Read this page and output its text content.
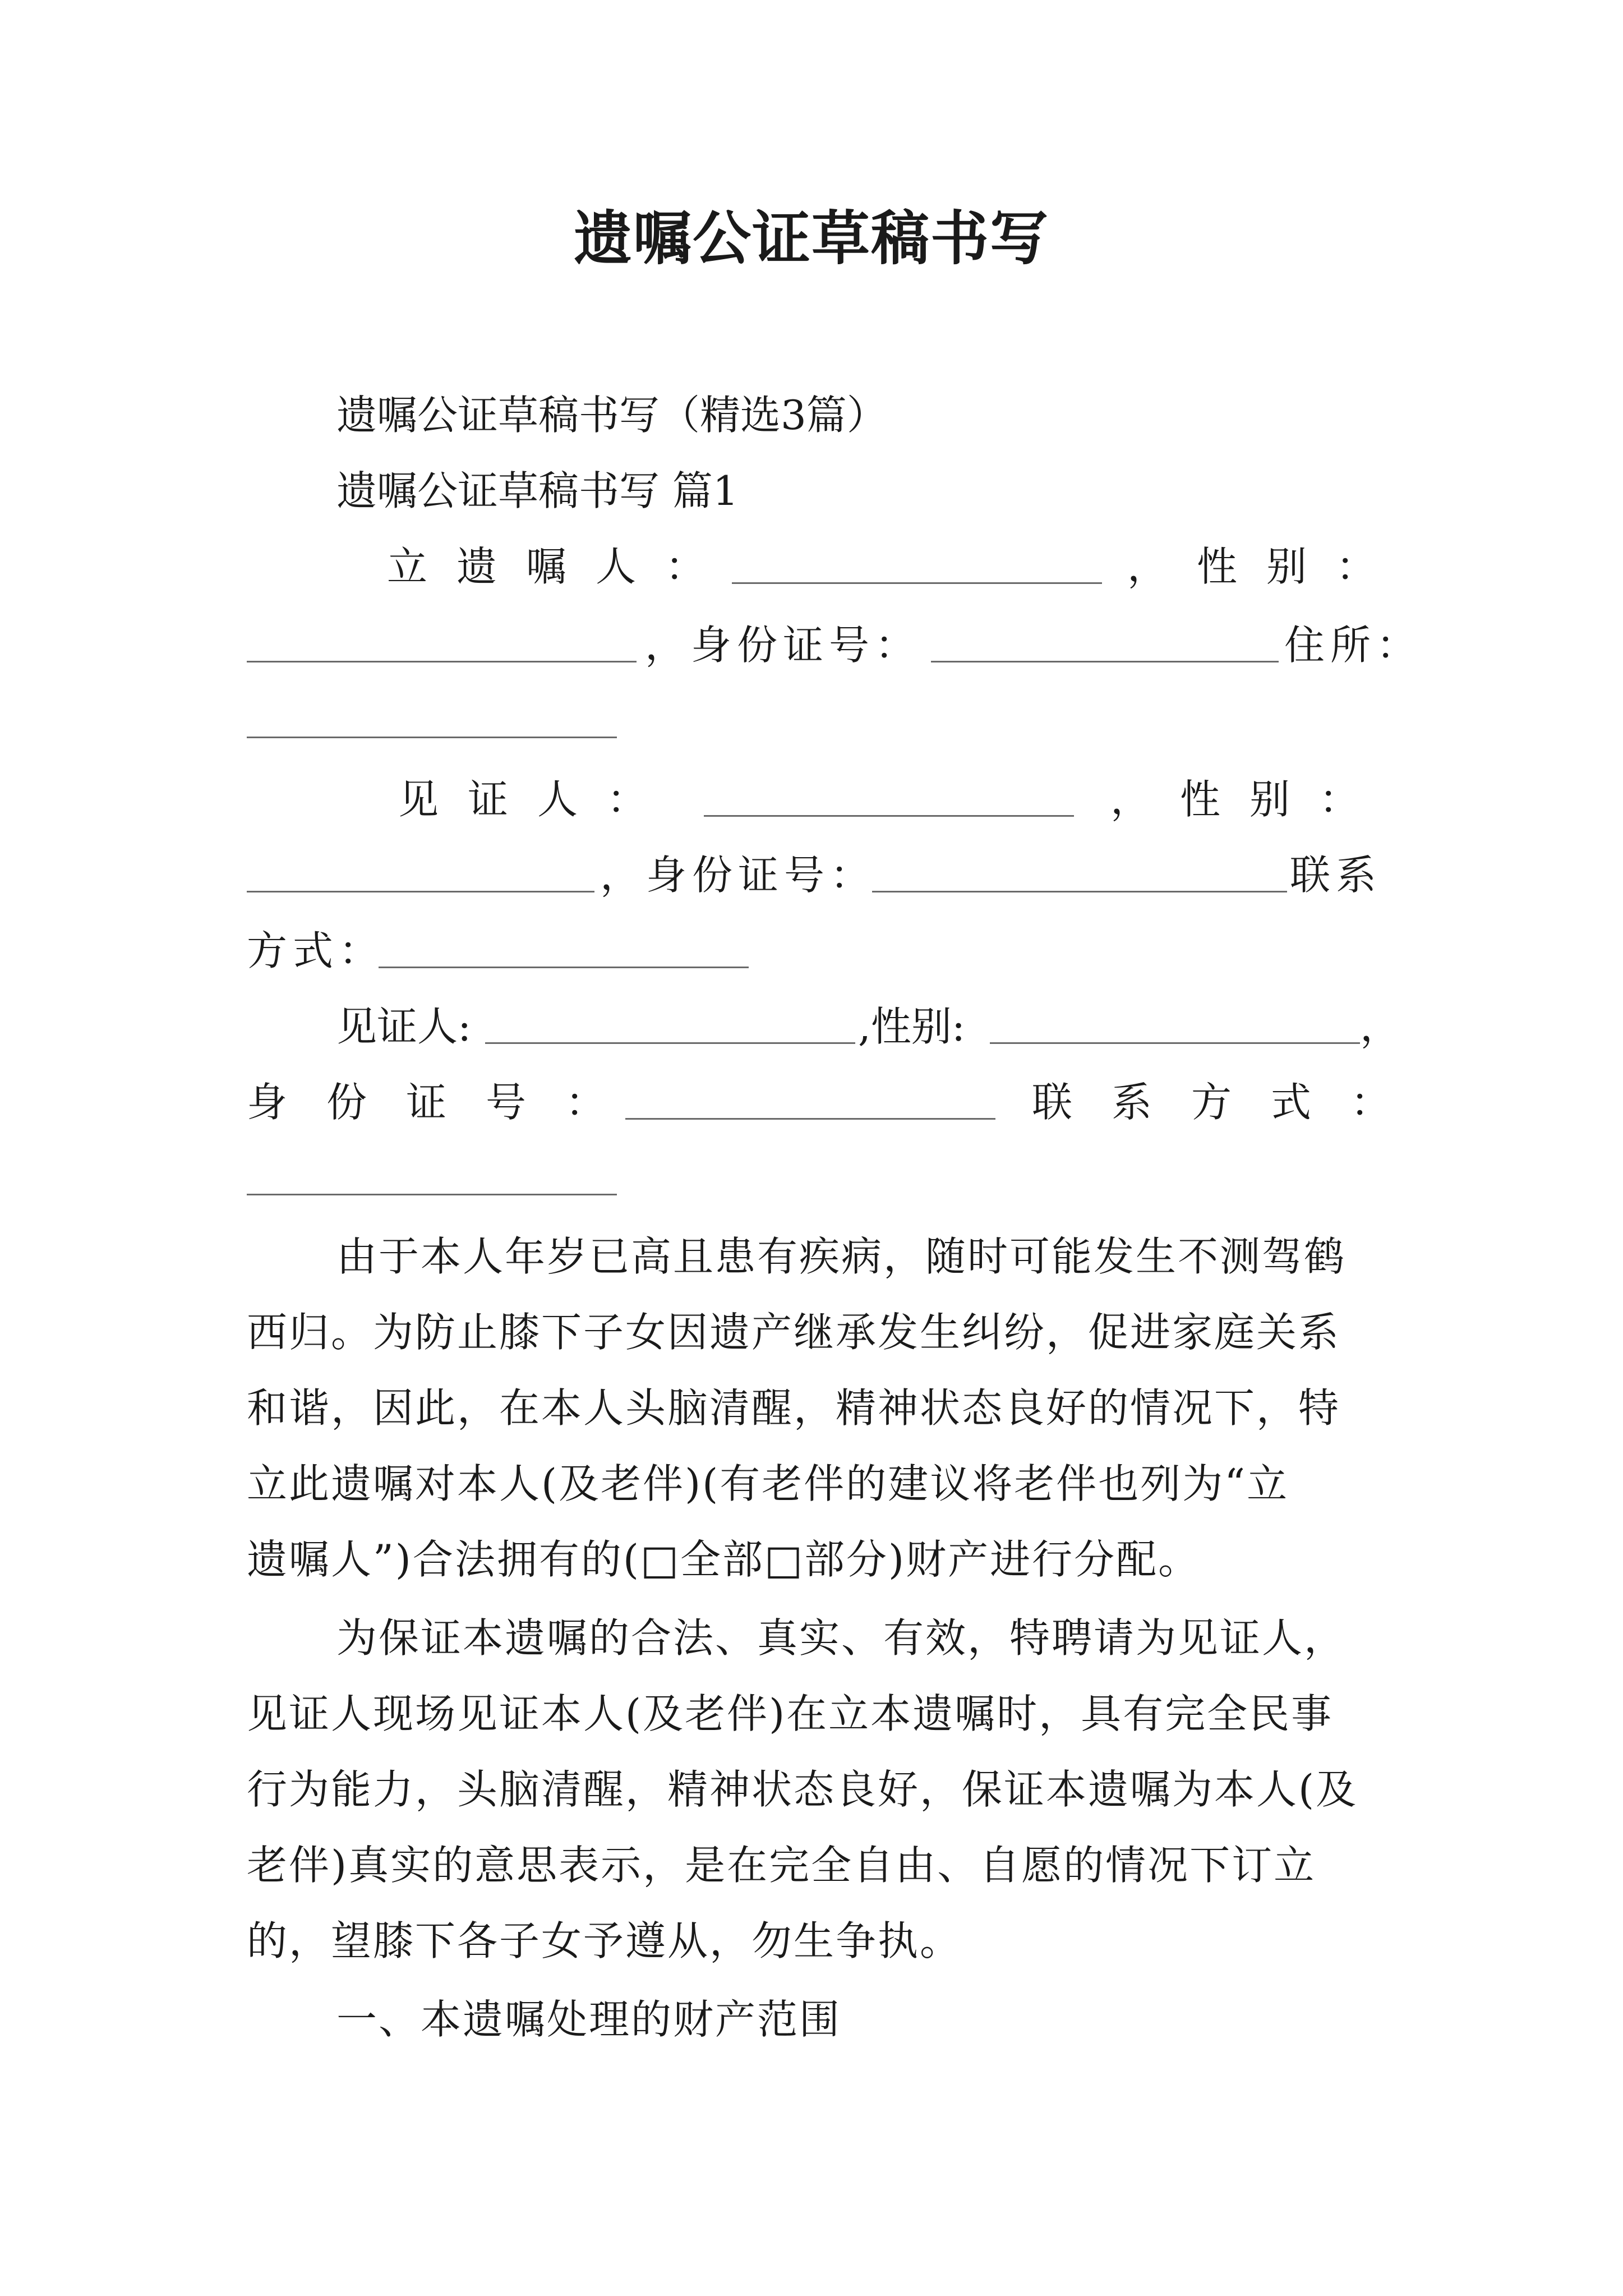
遗嘱公证草稿书写
遗嘱公证草稿书写（精选3篇）
遗嘱公证草稿书写 篇1
立遗嘱人：	，性别：
，身份证号：	住所：
见证人：	，性别：
，身份证号：	联系
方式：
见证人:	,性别:	，
身份证号：	联系方式：
由于本人年岁已高且患有疾病，随时可能发生不测驾鹤
西归。为防止膝下子女因遗产继承发生纠纷，促进家庭关系
和谐，因此，在本人头脑清醒，精神状态良好的情况下，特
立此遗嘱对本人(及老伴)(有老伴的建议将老伴也列为“立
遗嘱人”)合法拥有的(□全部□部分)财产进行分配。
为保证本遗嘱的合法、真实、有效，特聘请为见证人，
见证人现场见证本人(及老伴)在立本遗嘱时，具有完全民事
行为能力，头脑清醒，精神状态良好，保证本遗嘱为本人(及
老伴)真实的意思表示，是在完全自由、自愿的情况下订立
的，望膝下各子女予遵从，勿生争执。
一、本遗嘱处理的财产范围
